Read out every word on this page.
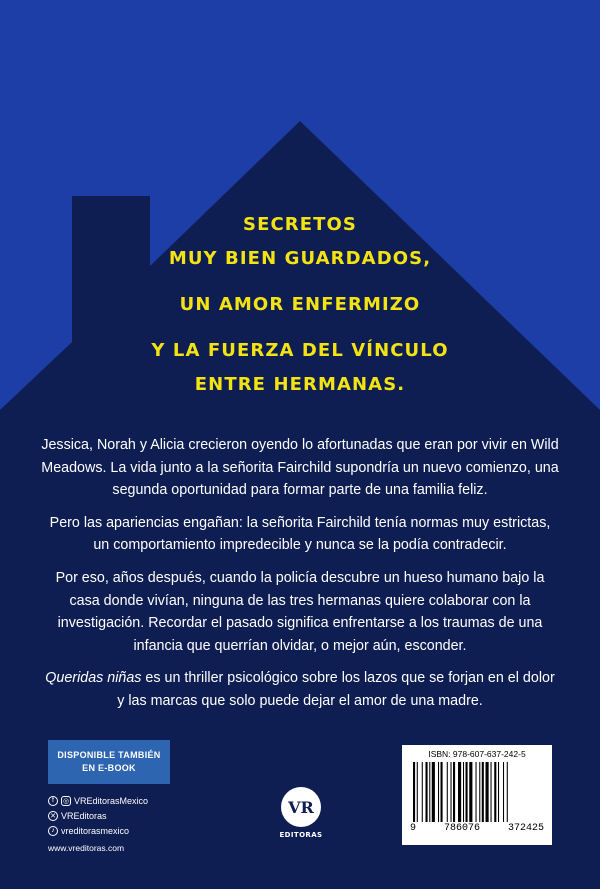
SECRETOS
MUY BIEN GUARDADOS,
UN AMOR ENFERMIZO
Y LA FUERZA DEL VÍNCULO
ENTRE HERMANAS.

Jessica, Norah y Alicia crecieron oyendo lo afortunadas que eran por vivir en Wild Meadows. La vida junto a la señorita Fairchild supondría un nuevo comienzo, una segunda oportunidad para formar parte de una familia feliz.

Pero las apariencias engañan: la señorita Fairchild tenía normas muy estrictas, un comportamiento impredecible y nunca se la podía contradecir.

Por eso, años después, cuando la policía descubre un hueso humano bajo la casa donde vivían, ninguna de las tres hermanas quiere colaborar con la investigación. Recordar el pasado significa enfrentarse a los traumas de una infancia que querrían olvidar, o mejor aún, esconder.

Queridas niñas es un thriller psicológico sobre los lazos que se forjan en el dolor y las marcas que solo puede dejar el amor de una madre.

DISPONIBLE TAMBIÉN
EN E-BOOK
f	◎ VREditorasMexico
✕ VREditoras
♪ vreditorasmexico
www.vreditoras.com
VR
EDITORAS
ISBN: 978-607-637-242-5
9	786076	372425
